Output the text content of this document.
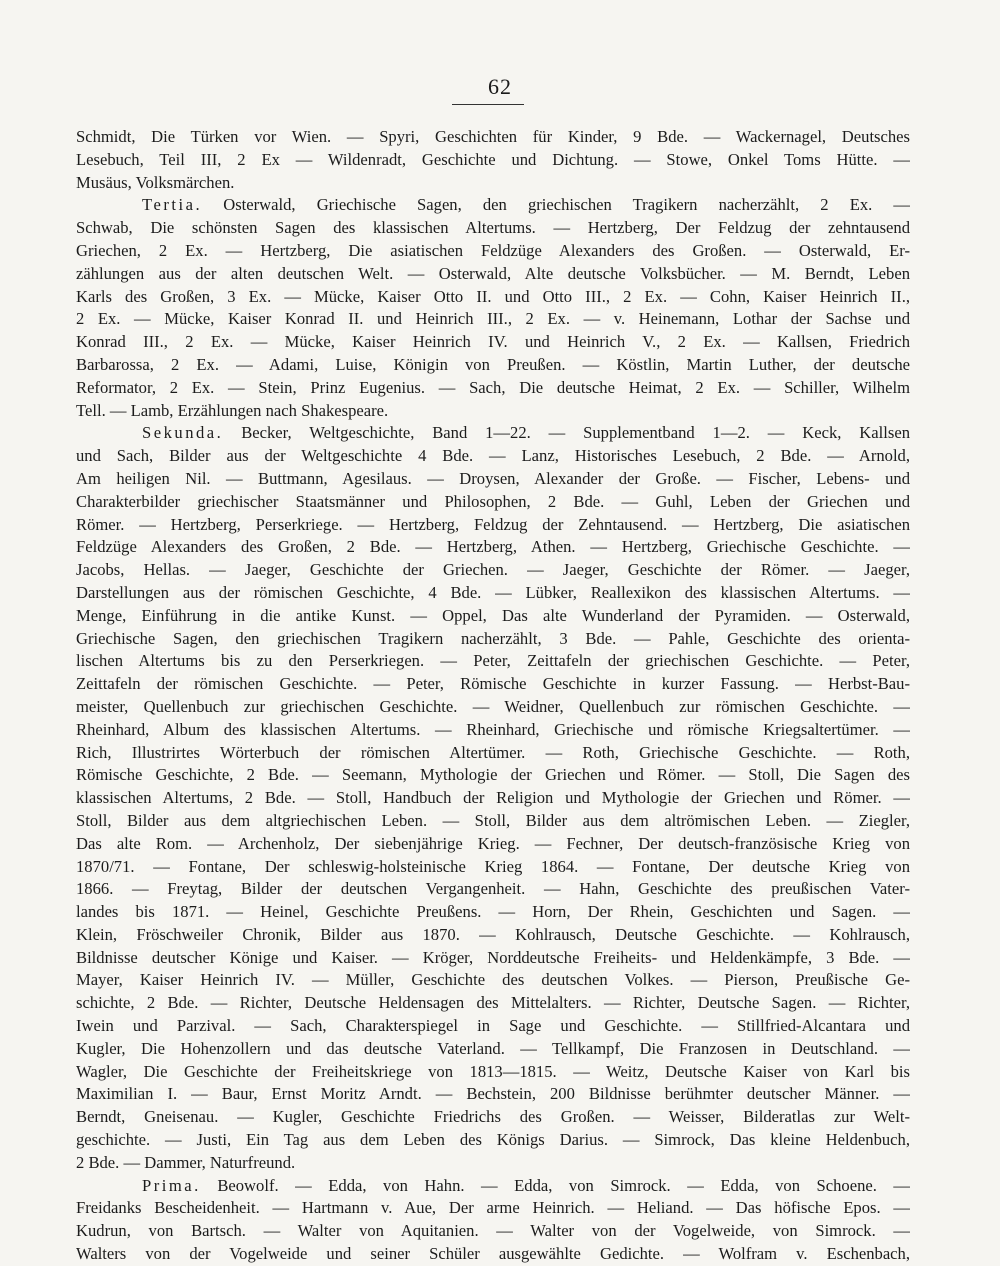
62
Schmidt, Die Türken vor Wien. — Spyri, Geschichten für Kinder, 9 Bde. — Wackernagel, Deutsches
Lesebuch, Teil III, 2 Ex — Wildenradt, Geschichte und Dichtung. — Stowe, Onkel Toms Hütte. —
Musäus, Volksmärchen.
Tertia. Osterwald, Griechische Sagen, den griechischen Tragikern nacherzählt, 2 Ex. —
Schwab, Die schönsten Sagen des klassischen Altertums. — Hertzberg, Der Feldzug der zehntausend
Griechen, 2 Ex. — Hertzberg, Die asiatischen Feldzüge Alexanders des Großen. — Osterwald, Er-
zählungen aus der alten deutschen Welt. — Osterwald, Alte deutsche Volksbücher. — M. Berndt, Leben
Karls des Großen, 3 Ex. — Mücke, Kaiser Otto II. und Otto III., 2 Ex. — Cohn, Kaiser Heinrich II.,
2 Ex. — Mücke, Kaiser Konrad II. und Heinrich III., 2 Ex. — v. Heinemann, Lothar der Sachse und
Konrad III., 2 Ex. — Mücke, Kaiser Heinrich IV. und Heinrich V., 2 Ex. — Kallsen, Friedrich
Barbarossa, 2 Ex. — Adami, Luise, Königin von Preußen. — Köstlin, Martin Luther, der deutsche
Reformator, 2 Ex. — Stein, Prinz Eugenius. — Sach, Die deutsche Heimat, 2 Ex. — Schiller, Wilhelm
Tell. — Lamb, Erzählungen nach Shakespeare.
Sekunda. Becker, Weltgeschichte, Band 1—22. — Supplementband 1—2. — Keck, Kallsen
und Sach, Bilder aus der Weltgeschichte 4 Bde. — Lanz, Historisches Lesebuch, 2 Bde. — Arnold,
Am heiligen Nil. — Buttmann, Agesilaus. — Droysen, Alexander der Große. — Fischer, Lebens- und
Charakterbilder griechischer Staatsmänner und Philosophen, 2 Bde. — Guhl, Leben der Griechen und
Römer. — Hertzberg, Perserkriege. — Hertzberg, Feldzug der Zehntausend. — Hertzberg, Die asiatischen
Feldzüge Alexanders des Großen, 2 Bde. — Hertzberg, Athen. — Hertzberg, Griechische Geschichte. —
Jacobs, Hellas. — Jaeger, Geschichte der Griechen. — Jaeger, Geschichte der Römer. — Jaeger,
Darstellungen aus der römischen Geschichte, 4 Bde. — Lübker, Reallexikon des klassischen Altertums. —
Menge, Einführung in die antike Kunst. — Oppel, Das alte Wunderland der Pyramiden. — Osterwald,
Griechische Sagen, den griechischen Tragikern nacherzählt, 3 Bde. — Pahle, Geschichte des orienta-
lischen Altertums bis zu den Perserkriegen. — Peter, Zeittafeln der griechischen Geschichte. — Peter,
Zeittafeln der römischen Geschichte. — Peter, Römische Geschichte in kurzer Fassung. — Herbst-Bau-
meister, Quellenbuch zur griechischen Geschichte. — Weidner, Quellenbuch zur römischen Geschichte. —
Rheinhard, Album des klassischen Altertums. — Rheinhard, Griechische und römische Kriegsaltertümer. —
Rich, Illustrirtes Wörterbuch der römischen Altertümer. — Roth, Griechische Geschichte. — Roth,
Römische Geschichte, 2 Bde. — Seemann, Mythologie der Griechen und Römer. — Stoll, Die Sagen des
klassischen Altertums, 2 Bde. — Stoll, Handbuch der Religion und Mythologie der Griechen und Römer. —
Stoll, Bilder aus dem altgriechischen Leben. — Stoll, Bilder aus dem altrömischen Leben. — Ziegler,
Das alte Rom. — Archenholz, Der siebenjährige Krieg. — Fechner, Der deutsch-französische Krieg von
1870/71. — Fontane, Der schleswig-holsteinische Krieg 1864. — Fontane, Der deutsche Krieg von
1866. — Freytag, Bilder der deutschen Vergangenheit. — Hahn, Geschichte des preußischen Vater-
landes bis 1871. — Heinel, Geschichte Preußens. — Horn, Der Rhein, Geschichten und Sagen. —
Klein, Fröschweiler Chronik, Bilder aus 1870. — Kohlrausch, Deutsche Geschichte. — Kohlrausch,
Bildnisse deutscher Könige und Kaiser. — Kröger, Norddeutsche Freiheits- und Heldenkämpfe, 3 Bde. —
Mayer, Kaiser Heinrich IV. — Müller, Geschichte des deutschen Volkes. — Pierson, Preußische Ge-
schichte, 2 Bde. — Richter, Deutsche Heldensagen des Mittelalters. — Richter, Deutsche Sagen. — Richter,
Iwein und Parzival. — Sach, Charakterspiegel in Sage und Geschichte. — Stillfried-Alcantara und
Kugler, Die Hohenzollern und das deutsche Vaterland. — Tellkampf, Die Franzosen in Deutschland. —
Wagler, Die Geschichte der Freiheitskriege von 1813—1815. — Weitz, Deutsche Kaiser von Karl bis
Maximilian I. — Baur, Ernst Moritz Arndt. — Bechstein, 200 Bildnisse berühmter deutscher Männer. —
Berndt, Gneisenau. — Kugler, Geschichte Friedrichs des Großen. — Weisser, Bilderatlas zur Welt-
geschichte. — Justi, Ein Tag aus dem Leben des Königs Darius. — Simrock, Das kleine Heldenbuch,
2 Bde. — Dammer, Naturfreund.
Prima. Beowolf. — Edda, von Hahn. — Edda, von Simrock. — Edda, von Schoene. —
Freidanks Bescheidenheit. — Hartmann v. Aue, Der arme Heinrich. — Heliand. — Das höfische Epos. —
Kudrun, von Bartsch. — Walter von Aquitanien. — Walter von der Vogelweide, von Simrock. —
Walters von der Vogelweide und seiner Schüler ausgewählte Gedichte. — Wolfram v. Eschenbach,
